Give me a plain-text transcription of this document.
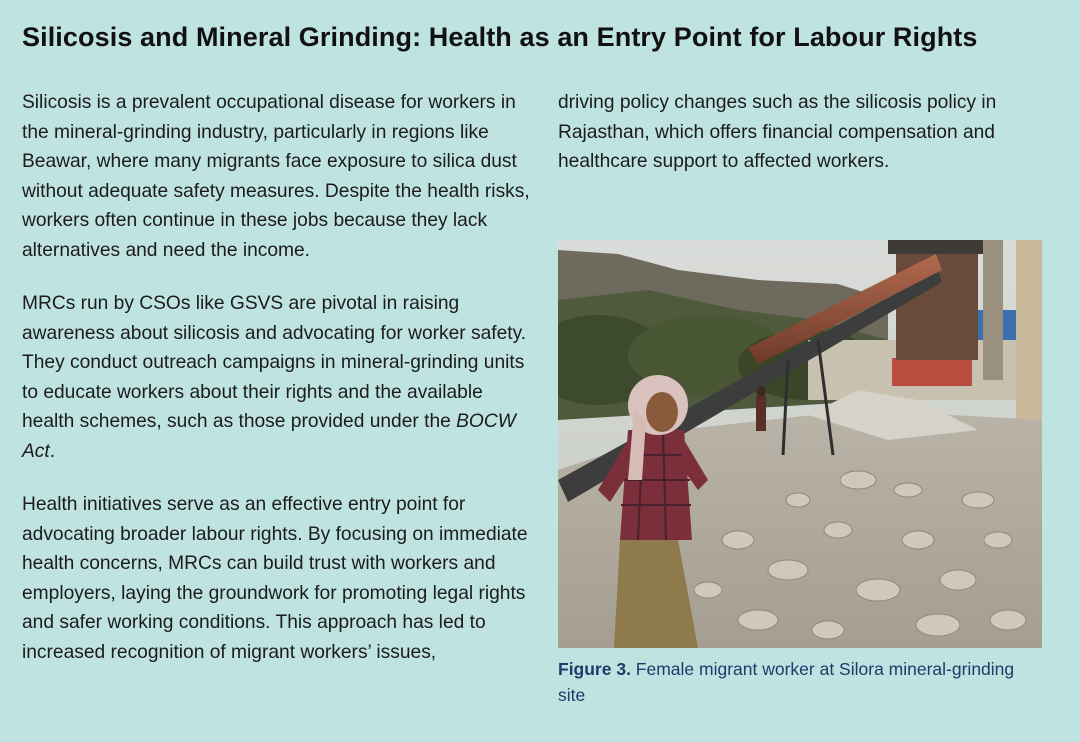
Silicosis and Mineral Grinding: Health as an Entry Point for Labour Rights

Silicosis is a prevalent occupational disease for workers in the mineral-grinding industry, particularly in regions like Beawar, where many migrants face exposure to silica dust without adequate safety measures. Despite the health risks, workers often continue in these jobs because they lack alternatives and need the income.

MRCs run by CSOs like GSVS are pivotal in raising awareness about silicosis and advocating for worker safety. They conduct outreach campaigns in mineral-grinding units to educate workers about their rights and the available health schemes, such as those provided under the BOCW Act.

Health initiatives serve as an effective entry point for advocating broader labour rights. By focusing on immediate health concerns, MRCs can build trust with workers and employers, laying the groundwork for promoting legal rights and safer working conditions. This approach has led to increased recognition of migrant workers’ issues,

driving policy changes such as the silicosis policy in Rajasthan, which offers financial compensation and healthcare support to affected workers.

Figure 3. Female migrant worker at Silora mineral-grinding site
